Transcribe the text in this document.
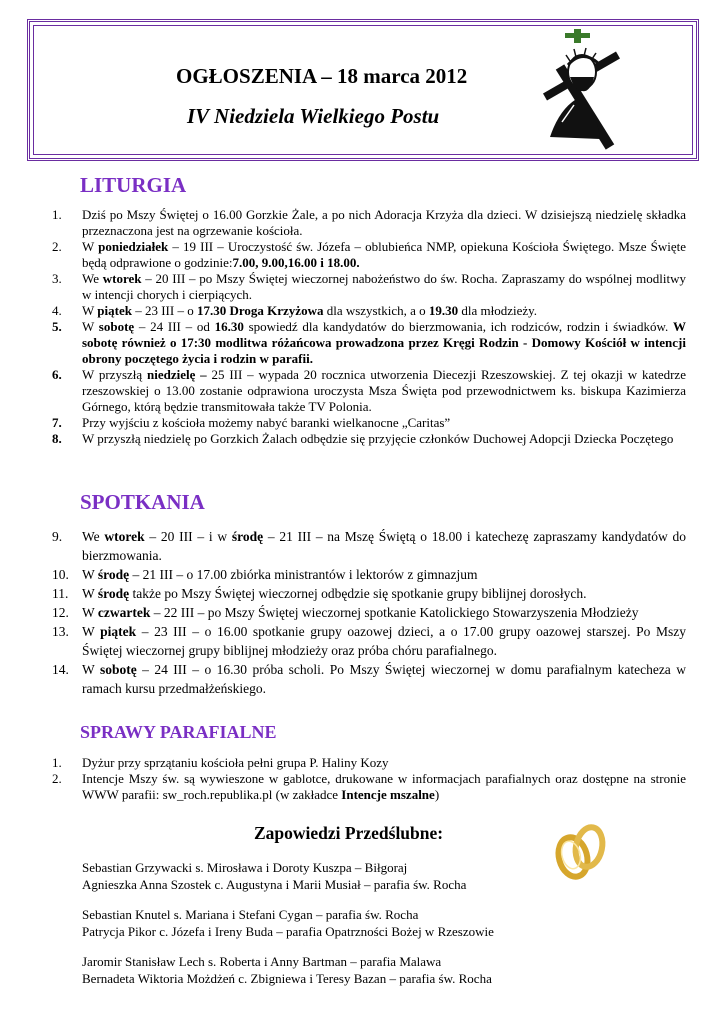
OGŁOSZENIA – 18 marca 2012
IV Niedziela Wielkiego Postu
LITURGIA
1.	Dziś po Mszy Świętej o 16.00 Gorzkie Żale, a po nich Adoracja Krzyża dla dzieci. W dzisiejszą niedzielę składka przeznaczona jest na ogrzewanie kościoła.
2.	W poniedziałek – 19 III – Uroczystość św. Józefa – oblubieńca NMP, opiekuna Kościoła Świętego. Msze Święte będą odprawione o godzinie:7.00, 9.00,16.00 i 18.00.
3.	We wtorek – 20 III – po Mszy Świętej wieczornej nabożeństwo do św. Rocha. Zapraszamy do wspólnej modlitwy w intencji chorych i cierpiących.
4.	W piątek – 23 III – o 17.30 Droga Krzyżowa dla wszystkich, a o 19.30 dla młodzieży.
5.	W sobotę – 24 III – od 16.30 spowiedź dla kandydatów do bierzmowania, ich rodziców, rodzin i świadków. W sobotę również o 17:30 modlitwa różańcowa prowadzona przez Kręgi Rodzin - Domowy Kościół w intencji obrony poczętego życia i rodzin w parafii.
6.	W przyszłą niedzielę – 25 III – wypada 20 rocznica utworzenia Diecezji Rzeszowskiej. Z tej okazji w katedrze rzeszowskiej o 13.00 zostanie odprawiona uroczysta Msza Święta pod przewodnictwem ks. biskupa Kazimierza Górnego, którą będzie transmitowała także TV Polonia.
7.	Przy wyjściu z kościoła możemy nabyć baranki wielkanocne „Caritas”
8.	W przyszłą niedzielę po Gorzkich Żalach odbędzie się przyjęcie członków Duchowej Adopcji Dziecka Poczętego
SPOTKANIA
9.	We wtorek – 20 III – i w środę – 21 III – na Mszę Świętą o 18.00 i katechezę zapraszamy kandydatów do bierzmowania.
10. W środę – 21 III – o 17.00 zbiórka ministrantów i lektorów z gimnazjum
11.	W środę także po Mszy Świętej wieczornej odbędzie się spotkanie grupy biblijnej dorosłych.
12. W czwartek – 22 III – po Mszy Świętej wieczornej spotkanie Katolickiego Stowarzyszenia Młodzieży
13. W piątek – 23 III – o 16.00 spotkanie grupy oazowej dzieci, a o 17.00 grupy oazowej starszej. Po Mszy Świętej wieczornej grupy biblijnej młodzieży oraz próba chóru parafialnego.
14. W sobotę – 24 III – o 16.30 próba scholi. Po Mszy Świętej wieczornej w domu parafialnym katecheza w ramach kursu przedmałżeńskiego.
SPRAWY PARAFIALNE
1.	Dyżur przy sprzątaniu kościoła pełni grupa P. Haliny Kozy
2.	Intencje Mszy św. są wywieszone w gablotce, drukowane w informacjach parafialnych oraz dostępne na stronie WWW parafii: sw_roch.republika.pl (w zakładce Intencje mszalne)
Zapowiedzi Przedślubne:
Sebastian Grzywacki s. Mirosława i Doroty Kuszpa – Biłgoraj
Agnieszka Anna Szostek c. Augustyna i Marii Musiał – parafia św. Rocha
Sebastian Knutel s. Mariana i Stefani Cygan – parafia św. Rocha
Patrycja Pikor c. Józefa i Ireny Buda – parafia Opatrzności Bożej w Rzeszowie
Jaromir Stanisław Lech s. Roberta i Anny Bartman – parafia Malawa
Bernadeta Wiktoria Możdżeń c. Zbigniewa i Teresy Bazan – parafia św. Rocha
